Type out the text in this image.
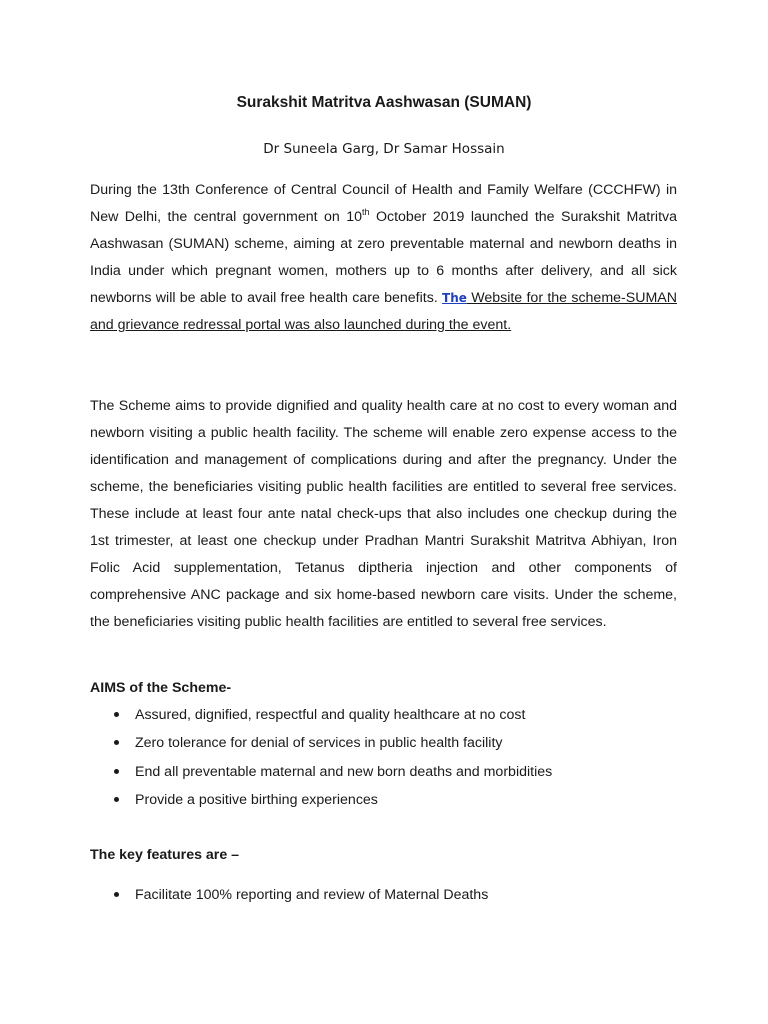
Surakshit Matritva Aashwasan (SUMAN)
Dr Suneela Garg, Dr Samar Hossain

During the 13th Conference of Central Council of Health and Family Welfare (CCCHFW) in New Delhi, the central government on 10th October 2019 launched the Surakshit Matritva Aashwasan (SUMAN) scheme, aiming at zero preventable maternal and newborn deaths in India under which pregnant women, mothers up to 6 months after delivery, and all sick newborns will be able to avail free health care benefits. The Website for the scheme-SUMAN and grievance redressal portal was also launched during the event.

The Scheme aims to provide dignified and quality health care at no cost to every woman and newborn visiting a public health facility. The scheme will enable zero expense access to the identification and management of complications during and after the pregnancy. Under the scheme, the beneficiaries visiting public health facilities are entitled to several free services. These include at least four ante natal check-ups that also includes one checkup during the 1st trimester, at least one checkup under Pradhan Mantri Surakshit Matritva Abhiyan, Iron Folic Acid supplementation, Tetanus diptheria injection and other components of comprehensive ANC package and six home-based newborn care visits. Under the scheme, the beneficiaries visiting public health facilities are entitled to several free services.

AIMS of the Scheme-
Assured, dignified, respectful and quality healthcare at no cost
Zero tolerance for denial of services in public health facility
End all preventable maternal and new born deaths and morbidities
Provide a positive birthing experiences
The key features are –
Facilitate 100% reporting and review of Maternal Deaths
